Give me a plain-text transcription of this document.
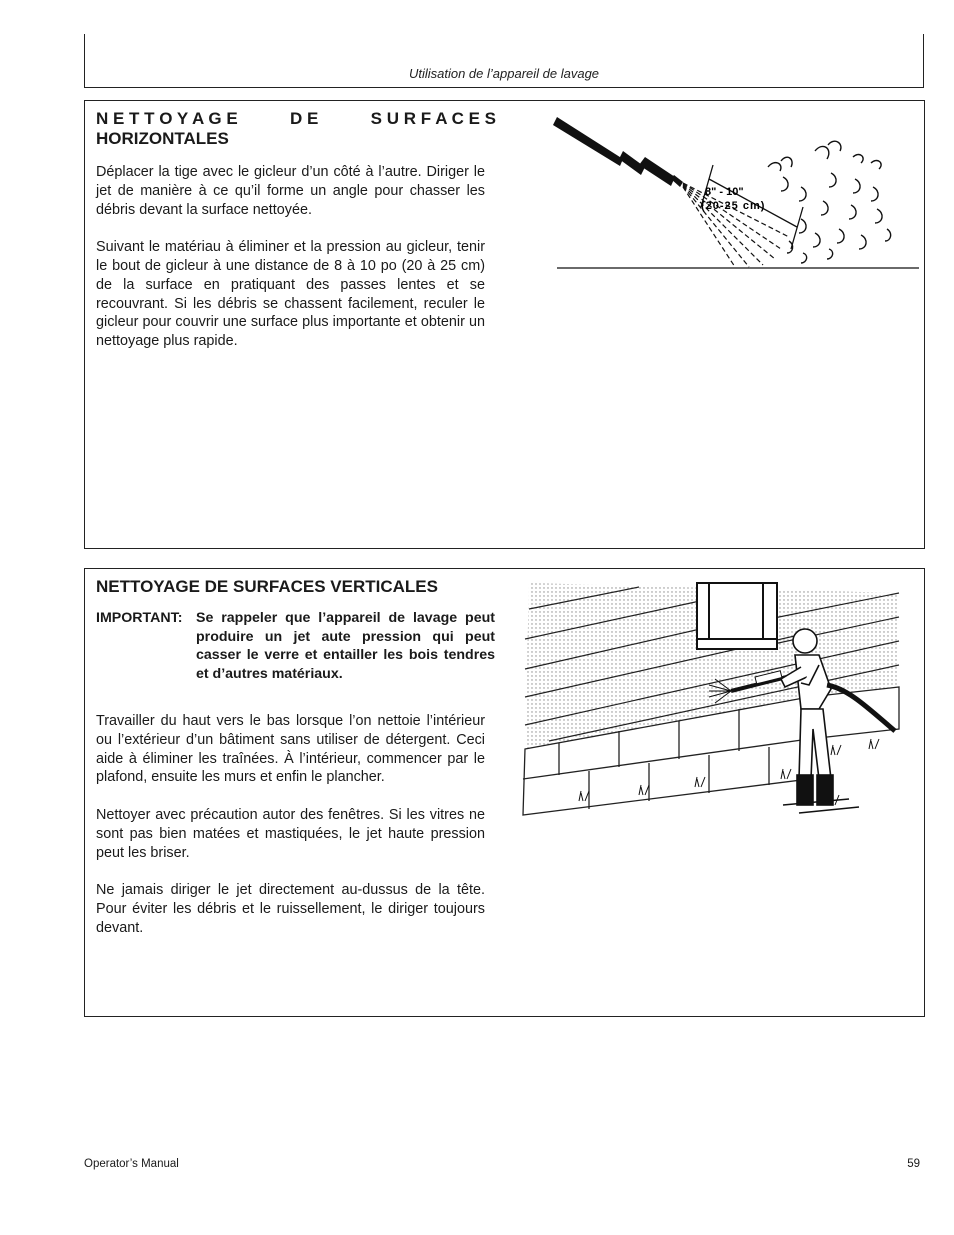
Utilisation de l’appareil de lavage
N E T T O Y A G E	D E	S U R F A C E S
HORIZONTALES

Déplacer la tige avec le gicleur d’un côté à l’autre. Diriger le jet de manière à ce qu’il forme un angle pour chasser les débris devant la surface nettoyée.

Suivant le matériau à éliminer et la pression au gicleur, tenir le bout de gicleur à une distance de 8 à 10 po (20 à 25 cm) de la surface en pratiquant des passes lentes et se recouvrant. Si les débris se chassent facilement, reculer le gicleur pour couvrir une surface plus importante et obtenir un nettoyage plus rapide.

8" - 10"
(20-25 cm)
NETTOYAGE DE SURFACES VERTICALES
IMPORTANT: Se rappeler que l’appareil de lavage peut produire un jet aute pression qui peut casser le verre et entailler les bois tendres et d’autres matériaux.

Travailler du haut vers le bas lorsque l’on nettoie l’intérieur ou l’extérieur d’un bâtiment sans utiliser de détergent. Ceci aide à éliminer les traînées. À l’intérieur, commencer par le plafond, ensuite les murs et enfin le plancher.

Nettoyer avec précaution autor des fenêtres. Si les vitres ne sont pas bien matées et mastiquées, le jet haute pression peut les briser.

Ne jamais diriger le jet directement au-dussus de la tête. Pour éviter les débris et le ruissellement, le diriger toujours devant.

Operator’s Manual	59
